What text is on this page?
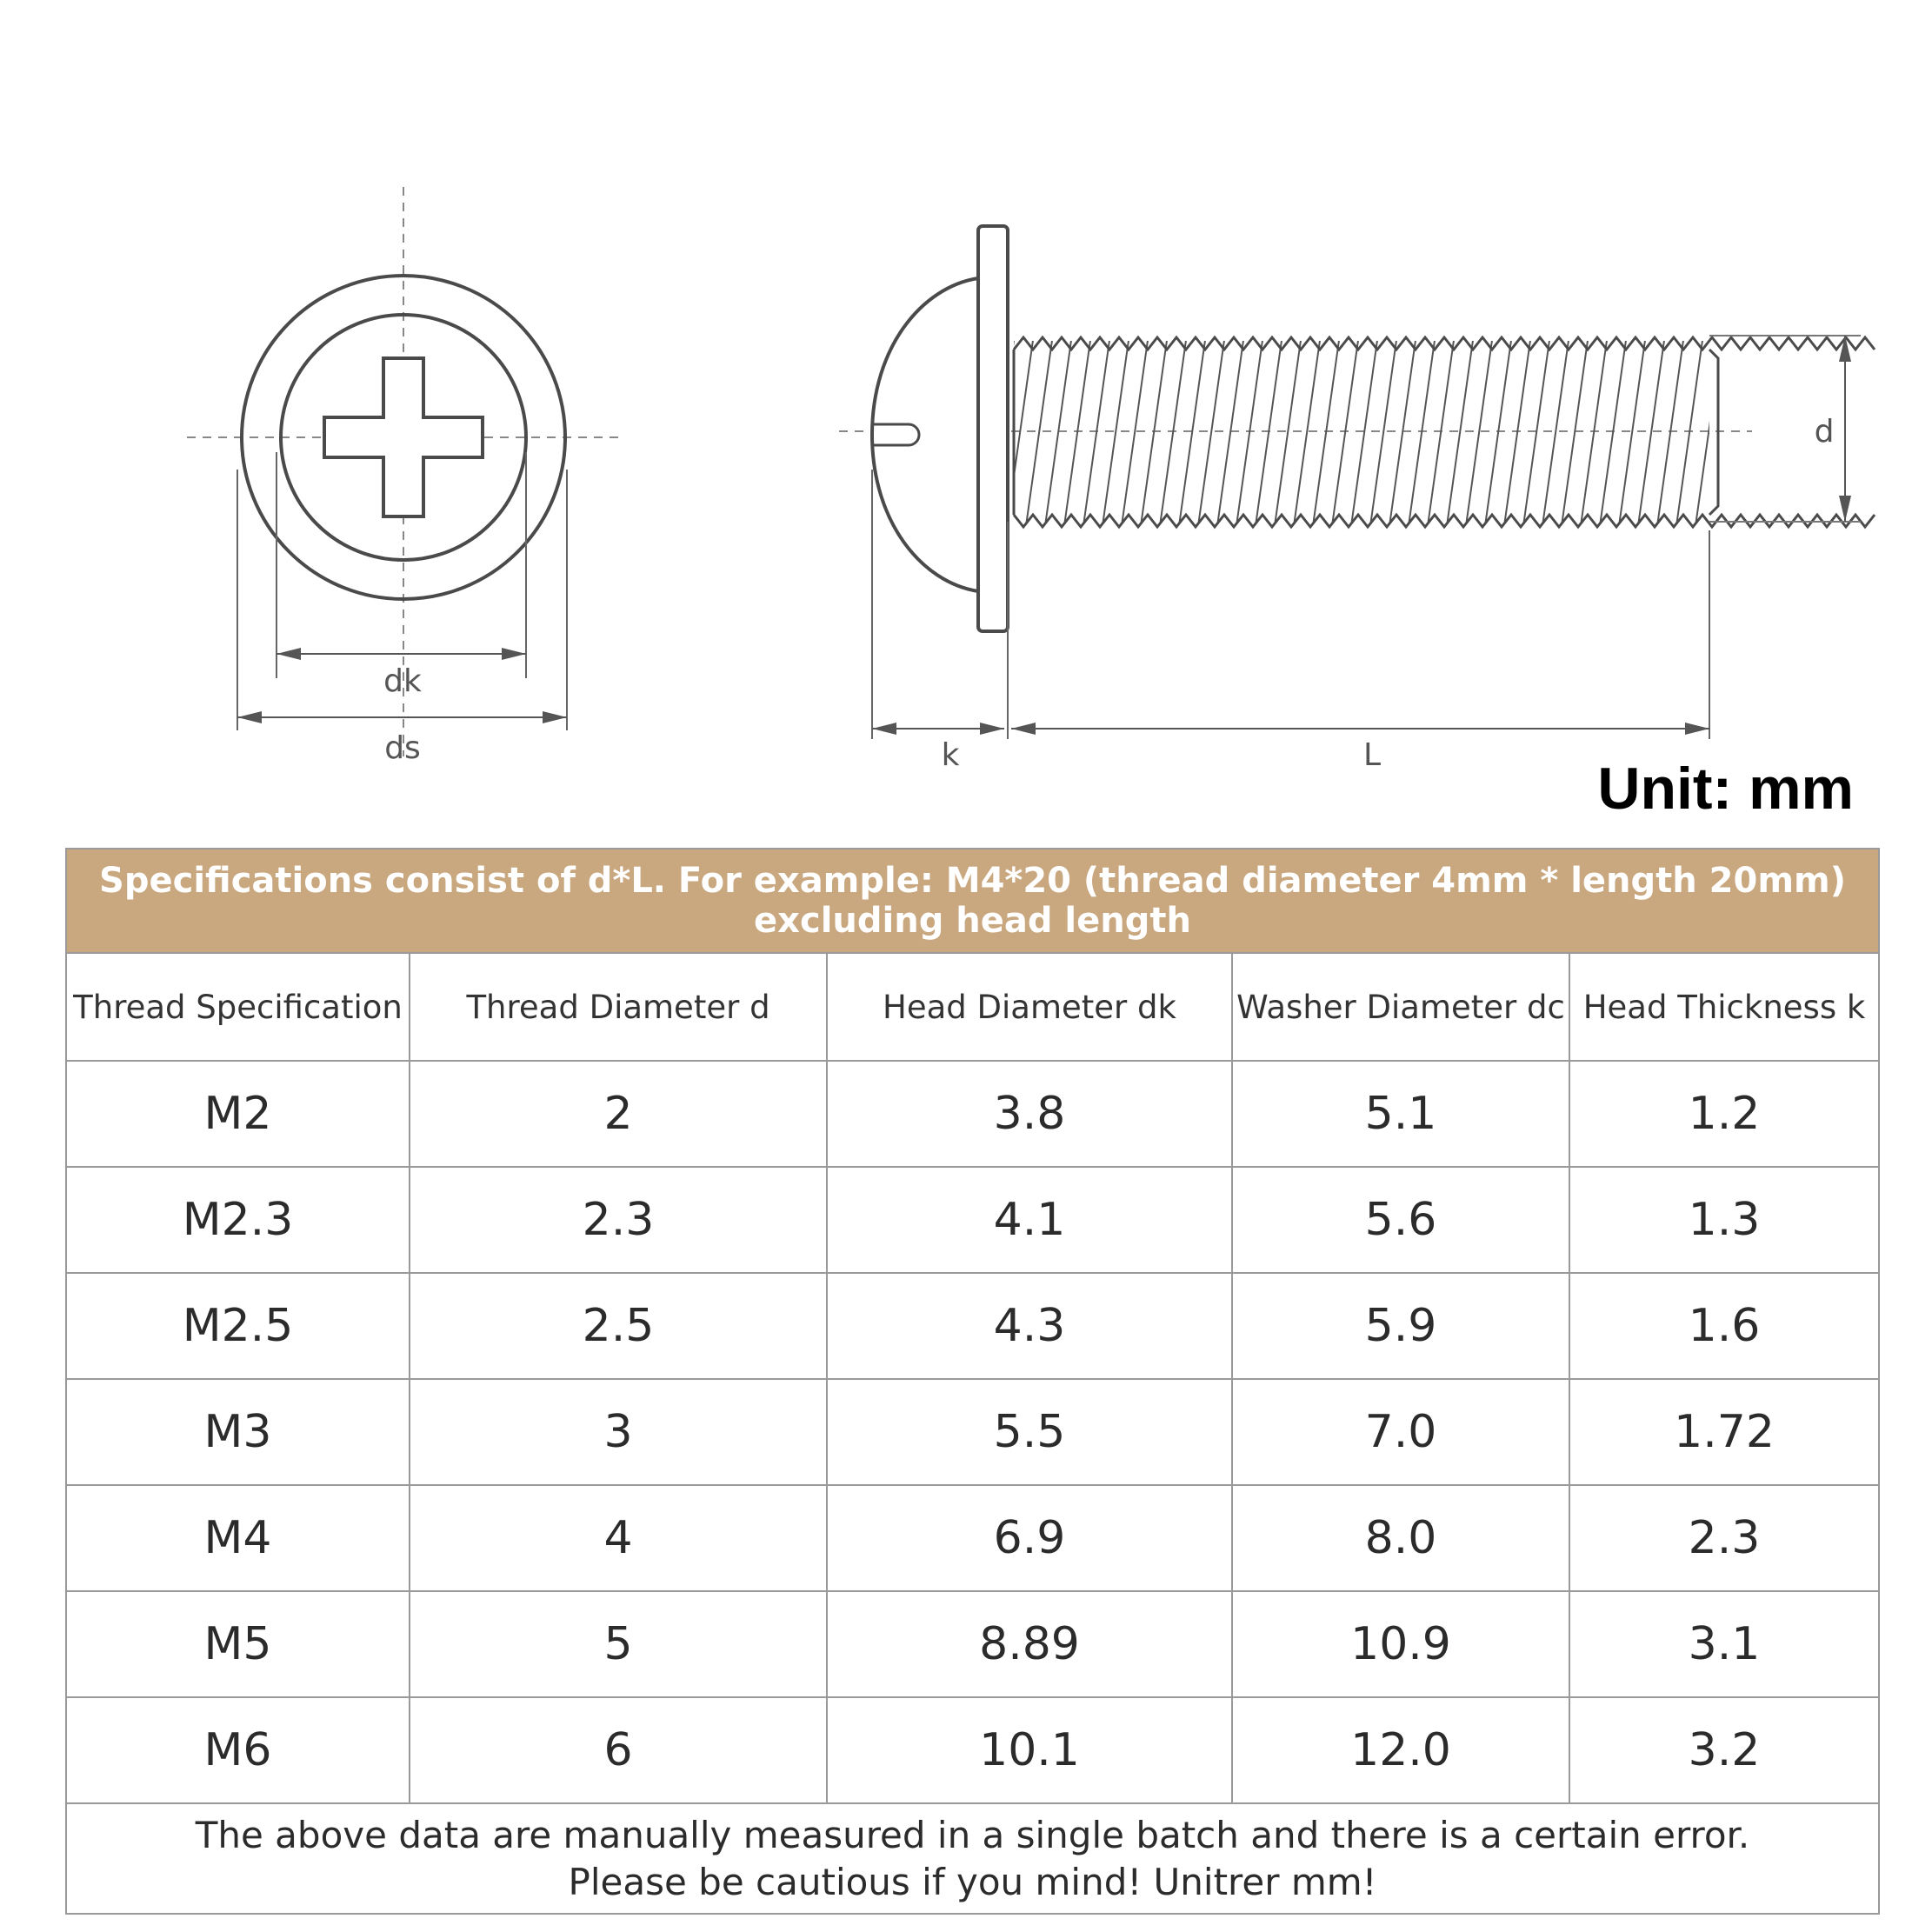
dk
ds	k	L
d
Unit: mm
Specifications consist of d*L. For example: M4*20 (thread diameter 4mm * length 20mm) excluding head length				
Thread Specification	Thread Diameter d	Head Diameter dk	Washer Diameter dc	Head Thickness k
M2	2	3.8	5.1	1.2
M2.3	2.3	4.1	5.6	1.3
M2.5	2.5	4.3	5.9	1.6
M3	3	5.5	7.0	1.72
M4	4	6.9	8.0	2.3
M5	5	8.89	10.9	3.1
M6	6	10.1	12.0	3.2

The above data are manually measured in a single batch and there is a certain error.
Please be cautious if you mind! Unitrer mm!				
